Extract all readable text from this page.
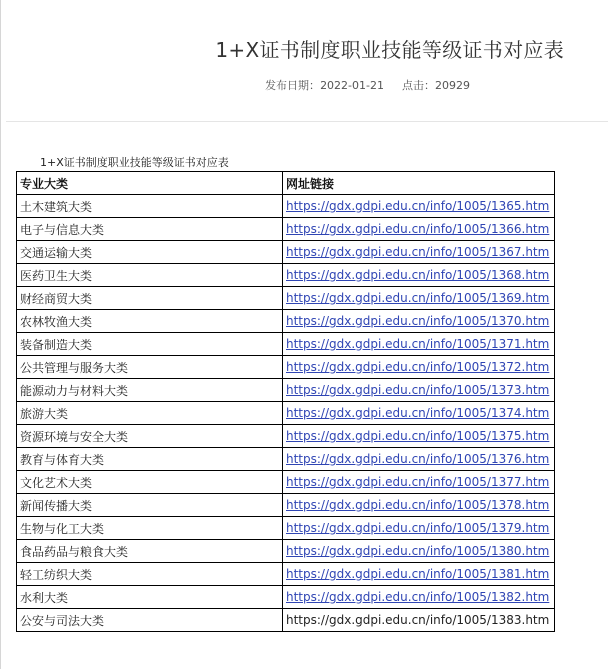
1+X证书制度职业技能等级证书对应表
发布日期：2022-01-21 点击：20929
1+X证书制度职业技能等级证书对应表
专业大类	网址链接
土木建筑大类	https://gdx.gdpi.edu.cn/info/1005/1365.htm
电子与信息大类	https://gdx.gdpi.edu.cn/info/1005/1366.htm
交通运输大类	https://gdx.gdpi.edu.cn/info/1005/1367.htm
医药卫生大类	https://gdx.gdpi.edu.cn/info/1005/1368.htm
财经商贸大类	https://gdx.gdpi.edu.cn/info/1005/1369.htm
农林牧渔大类	https://gdx.gdpi.edu.cn/info/1005/1370.htm
装备制造大类	https://gdx.gdpi.edu.cn/info/1005/1371.htm
公共管理与服务大类	https://gdx.gdpi.edu.cn/info/1005/1372.htm
能源动力与材料大类	https://gdx.gdpi.edu.cn/info/1005/1373.htm
旅游大类	https://gdx.gdpi.edu.cn/info/1005/1374.htm
资源环境与安全大类	https://gdx.gdpi.edu.cn/info/1005/1375.htm
教育与体育大类	https://gdx.gdpi.edu.cn/info/1005/1376.htm
文化艺术大类	https://gdx.gdpi.edu.cn/info/1005/1377.htm
新闻传播大类	https://gdx.gdpi.edu.cn/info/1005/1378.htm
生物与化工大类	https://gdx.gdpi.edu.cn/info/1005/1379.htm
食品药品与粮食大类	https://gdx.gdpi.edu.cn/info/1005/1380.htm
轻工纺织大类	https://gdx.gdpi.edu.cn/info/1005/1381.htm
水利大类	https://gdx.gdpi.edu.cn/info/1005/1382.htm
公安与司法大类	https://gdx.gdpi.edu.cn/info/1005/1383.htm
